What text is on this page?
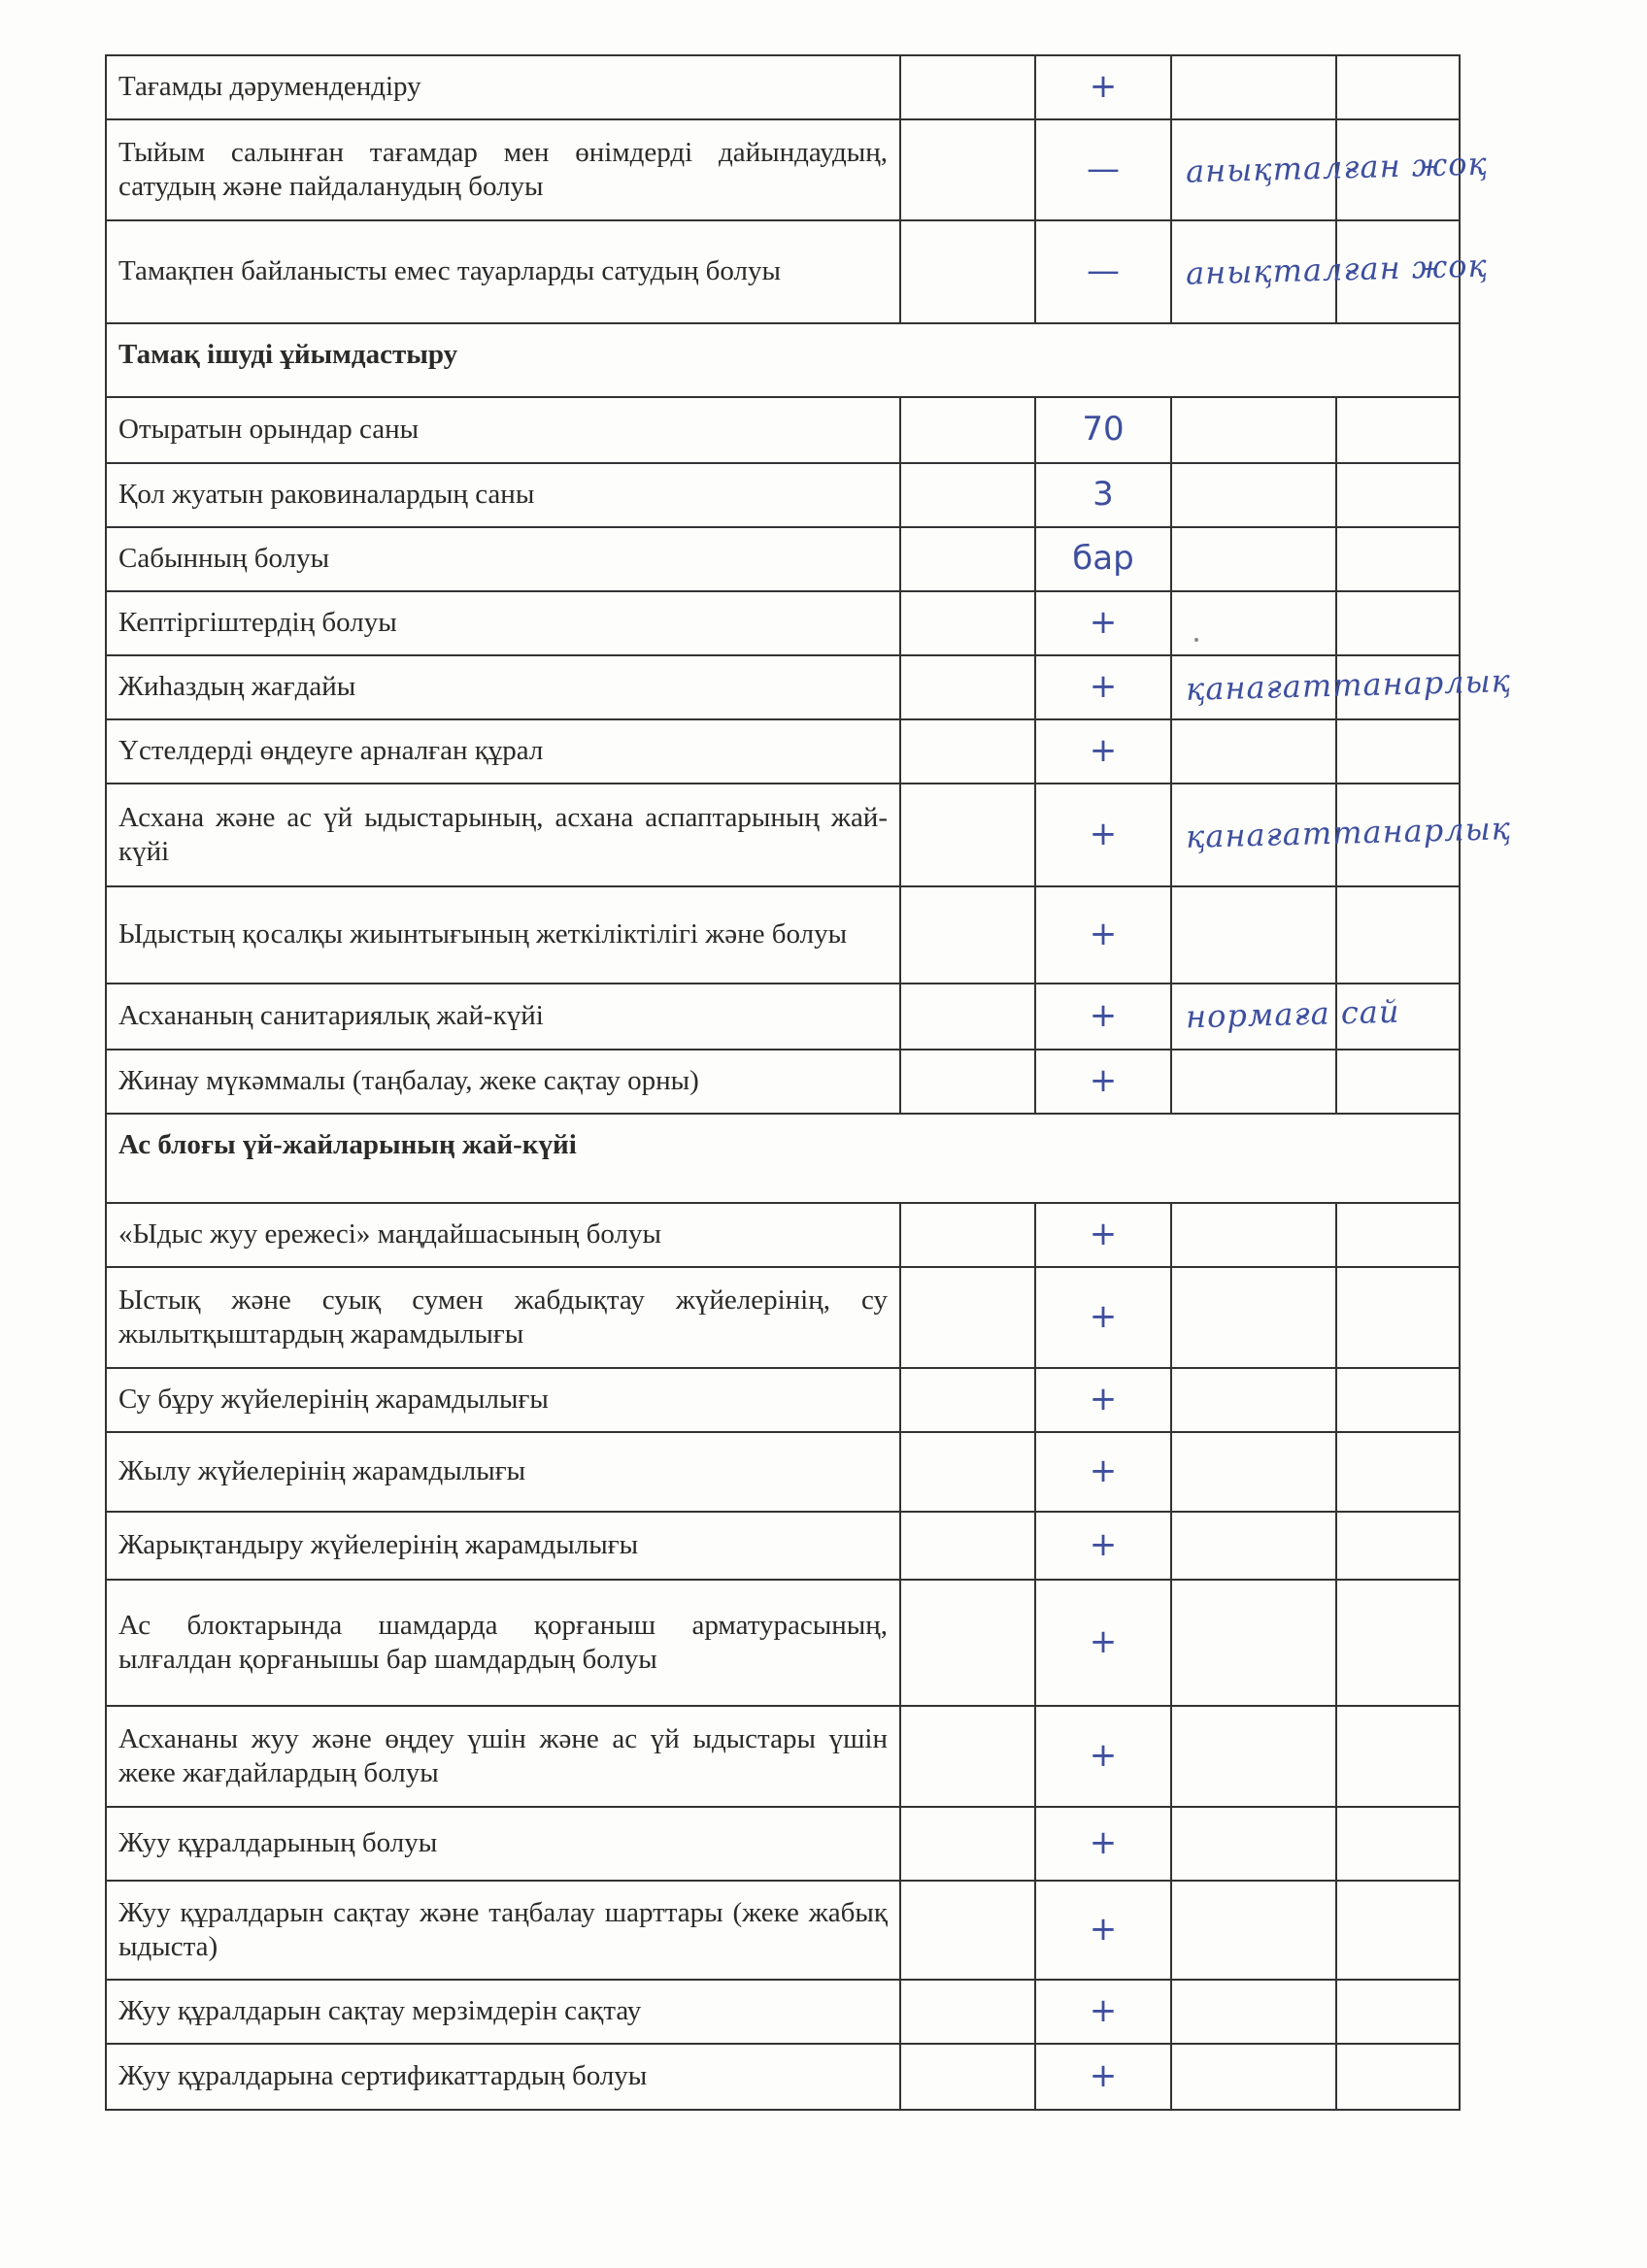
Тағамды дәрумендендіру		+		
Тыйым салынған тағамдар мен өнімдерді дайындаудың, сатудың және пайдаланудың болуы		—	анықталған жоқ	

Тамақпен байланысты емес тауарларды сатудың болуы		—	анықталған жоқ	

Тамақ ішуді ұйымдастыру				
Отыратын орындар саны		70		
Қол жуатын раковиналардың саны		3		
Сабынның болуы		бар		
Кептіргіштердің болуы		+		
Жиһаздың жағдайы		+	қанағаттанарлық	

Үстелдерді өңдеуге арналған құрал		+		
Асхана және ас үй ыдыстарының, асхана аспаптарының жай-күйі		+	қанағаттанарлық	

Ыдыстың қосалқы жиынтығының жеткіліктілігі және болуы		+		
Асхананың санитариялық жай-күйі		+	нормаға сай	

Жинау мүкәммалы (таңбалау, жеке сақтау орны)		+		
Ас блоғы үй-жайларының жай-күйі				
«Ыдыс жуу ережесі» маңдайшасының болуы		+		
Ыстық және суық сумен жабдықтау жүйелерінің, су жылытқыштардың жарамдылығы		+		
Су бұру жүйелерінің жарамдылығы		+		
Жылу жүйелерінің жарамдылығы		+		
Жарықтандыру жүйелерінің жарамдылығы		+		
Ас блоктарында шамдарда қорғаныш арматурасының, ылғалдан қорғанышы бар шамдардың болуы		+		
Асхананы жуу және өңдеу үшін және ас үй ыдыстары үшін жеке жағдайлардың болуы		+		
Жуу құралдарының болуы		+		
Жуу құралдарын сақтау және таңбалау шарттары (жеке жабық ыдыста)		+		
Жуу құралдарын сақтау мерзімдерін сақтау		+		
Жуу құралдарына сертификаттардың болуы		+		
